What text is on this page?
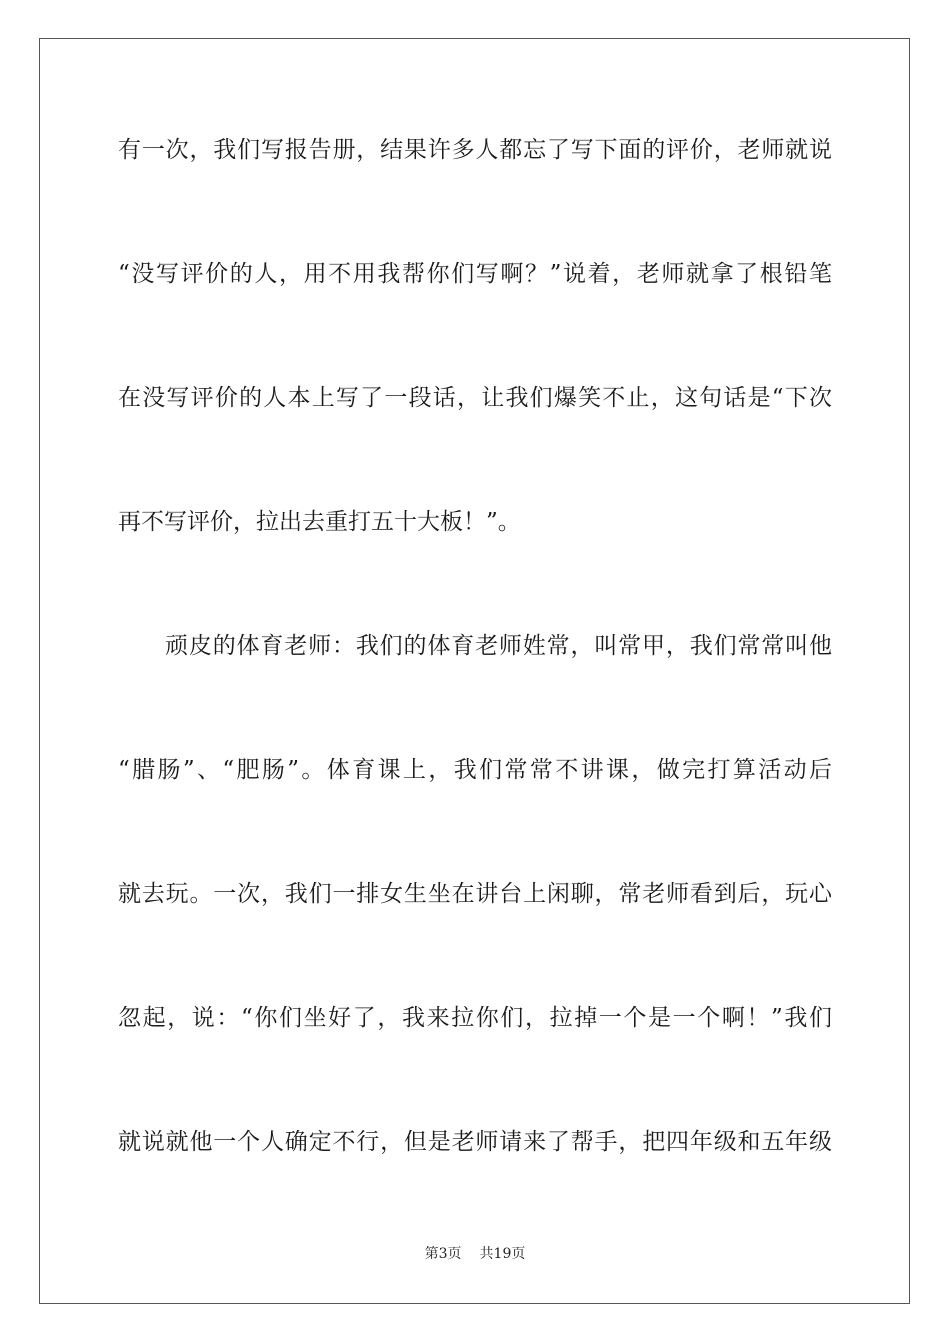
有一次，我们写报告册，结果许多人都忘了写下面的评价，老师就说
“没写评价的人，用不用我帮你们写啊？”说着，老师就拿了根铅笔
在没写评价的人本上写了一段话，让我们爆笑不止，这句话是“下次
再不写评价，拉出去重打五十大板！”。
顽皮的体育老师：我们的体育老师姓常，叫常甲，我们常常叫他
“腊肠”、“肥肠”。体育课上，我们常常不讲课，做完打算活动后
就去玩。一次，我们一排女生坐在讲台上闲聊，常老师看到后，玩心
忽起，说：“你们坐好了，我来拉你们，拉掉一个是一个啊！”我们
就说就他一个人确定不行，但是老师请来了帮手，把四年级和五年级
第3页 共19页
